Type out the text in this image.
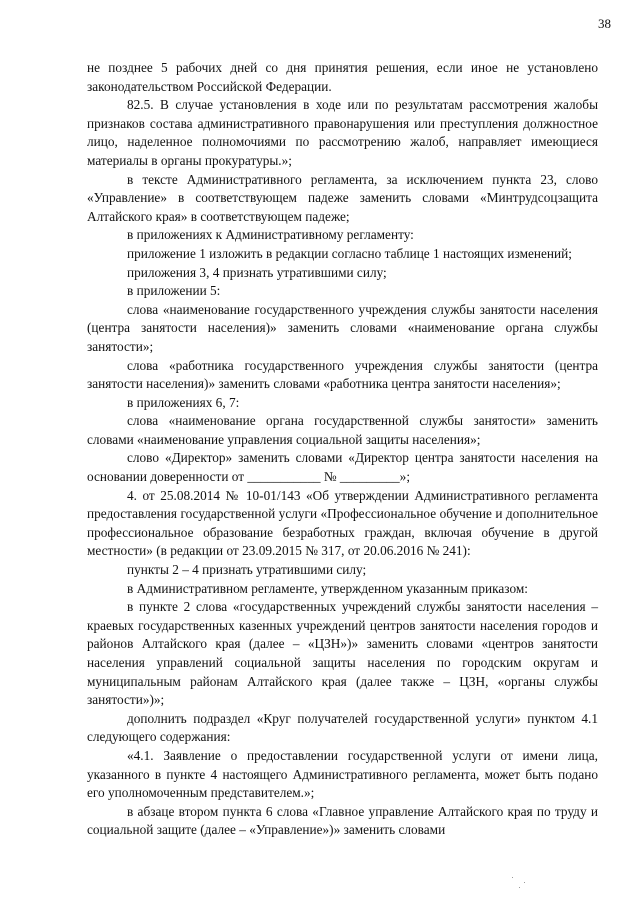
38

не позднее 5 рабочих дней со дня принятия решения, если иное не установлено законодательством Российской Федерации.

82.5. В случае установления в ходе или по результатам рассмотрения жалобы признаков состава административного правонарушения или преступления должностное лицо, наделенное полномочиями по рассмотрению жалоб, направляет имеющиеся материалы в органы прокуратуры.»;

в тексте Административного регламента, за исключением пункта 23, слово «Управление» в соответствующем падеже заменить словами «Минтрудсоцзащита Алтайского края» в соответствующем падеже;

в приложениях к Административному регламенту:

приложение 1 изложить в редакции согласно таблице 1 настоящих изменений;

приложения 3, 4 признать утратившими силу;

в приложении 5:

слова «наименование государственного учреждения службы занятости населения (центра занятости населения)» заменить словами «наименование органа службы занятости»;

слова «работника государственного учреждения службы занятости (центра занятости населения)» заменить словами «работника центра занятости населения»;

в приложениях 6, 7:

слова «наименование органа государственной службы занятости» заменить словами «наименование управления социальной защиты населения»;

слово «Директор» заменить словами «Директор центра занятости населения на основании доверенности от ___________ № _________»;

4. от 25.08.2014 № 10-01/143 «Об утверждении Административного регламента предоставления государственной услуги «Профессиональное обучение и дополнительное профессиональное образование безработных граждан, включая обучение в другой местности» (в редакции от 23.09.2015 № 317, от 20.06.2016 № 241):

пункты 2 – 4 признать утратившими силу;

в Административном регламенте, утвержденном указанным приказом:

в пункте 2 слова «государственных учреждений службы занятости населения – краевых государственных казенных учреждений центров занятости населения городов и районов Алтайского края (далее – «ЦЗН»)» заменить словами «центров занятости населения управлений социальной защиты населения по городским округам и муниципальным районам Алтайского края (далее также – ЦЗН, «органы службы занятости»)»;

дополнить подраздел «Круг получателей государственной услуги» пунктом 4.1 следующего содержания:

«4.1. Заявление о предоставлении государственной услуги от имени лица, указанного в пункте 4 настоящего Административного регламента, может быть подано его уполномоченным представителем.»;

в абзаце втором пункта 6 слова «Главное управление Алтайского края по труду и социальной защите (далее – «Управление»)» заменить словами
